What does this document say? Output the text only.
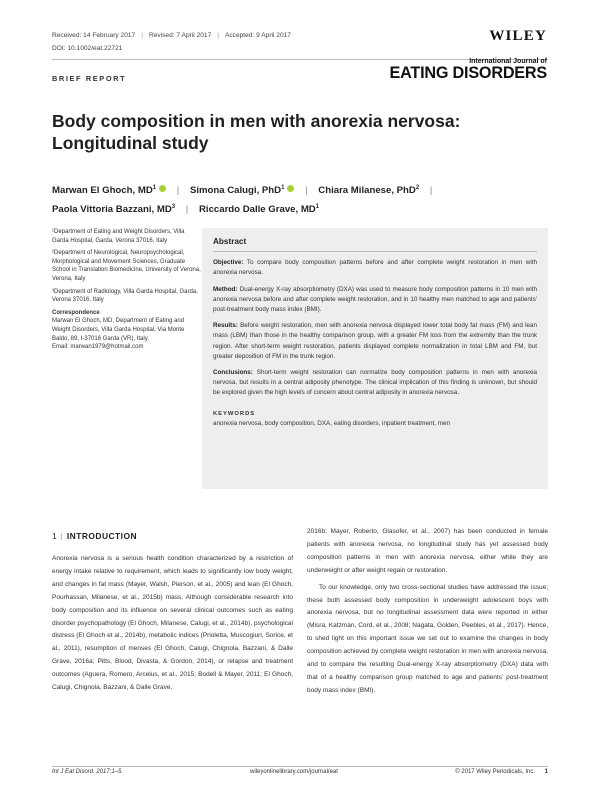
Received: 14 February 2017 | Revised: 7 April 2017 | Accepted: 9 April 2017
DOI: 10.1002/eat.22721
WILEY
BRIEF REPORT
International Journal of
EATING DISORDERS
Body composition in men with anorexia nervosa: Longitudinal study
Marwan El Ghoch, $MD^1$ | Simona Calugi, PhD$^1$ | Chiara Milanese, PhD$^2$ |
Paola Vittoria Bazzani, $MD^3$ | Riccardo Dalle Grave, $MD^1$

¹Department of Eating and Weight Disorders, Villa Garda Hospital, Garda, Verona 37016, Italy

²Department of Neurological, Neuropsychological, Morphological and Movement Sciences, Graduate School in Translation Biomedicine, University of Verona, Verona, Italy

³Department of Radiology, Villa Garda Hospital, Garda, Verona 37016, Italy

Correspondence

Marwan El Ghoch, MD, Department of Eating and Weight Disorders, Villa Garda Hospital, Via Monte Baldo, 89, I-37016 Garda (VR), Italy.

Email: marwan1979@hotmail.com

Abstract

Objective: To compare body composition patterns before and after complete weight restoration in men with anorexia nervosa.

Method: Dual-energy X-ray absorptiometry (DXA) was used to measure body composition patterns in 10 men with anorexia nervosa before and after complete weight restoration, and in 10 healthy men matched to age and patients' post-treatment body mass index (BMI).

Results: Before weight restoration, men with anorexia nervosa displayed lower total body fat mass (FM) and lean mass (LBM) than those in the healthy comparison group, with a greater FM loss from the extremity than the trunk region. After short-term weight restoration, patients displayed complete normalization in total LBM and FM, but greater deposition of FM in the trunk region.

Conclusions: Short-term weight restoration can normalize body composition patterns in men with anorexia nervosa, but results in a central adiposity phenotype. The clinical implication of this finding is unknown, but should be explored given the high levels of concern about central adiposity in anorexia nervosa.

KEYWORDS
anorexia nervosa, body composition, DXA, eating disorders, inpatient treatment, men
1 | INTRODUCTION

Anorexia nervosa is a serious health condition characterized by a restriction of energy intake relative to requirement, which leads to significantly low body weight, and changes in fat mass (Mayer, Walsh, Pierson, et al., 2005) and lean (El Ghoch, Pourhassan, Milanese, et al., 2015b) mass. Although considerable research into body composition and its influence on several clinical outcomes such as eating disorder psychopathology (El Ghoch, Milanese, Calugi, et al., 2014b), psychological distress (El Ghoch et al., 2014b), metabolic indices (Prioletta, Muscogiuri, Sorice, et al., 2011), resumption of menses (El Ghoch, Calugi, Chignola, Bazzani, & Dalle Grave, 2016a; Pitts, Blood, Divasta, & Gordon, 2014), or relapse and treatment outcomes (Aguera, Romero, Arcelus, et al., 2015; Bodell & Mayer, 2011; El Ghoch, Calugi, Chignola, Bazzani, & Dalle Grave,

2016b; Mayer, Roberto, Glasofer, et al., 2007) has been conducted in female patients with anorexia nervosa, no longitudinal study has yet assessed body composition patterns in men with anorexia nervosa, either while they are underweight or after weight regain or restoration.

To our knowledge, only two cross-sectional studies have addressed the issue; these both assessed body composition in underweight adolescent boys with anorexia nervosa, but no longitudinal assessment data were reported in either (Misra, Katzman, Cord, et al., 2008; Nagata, Golden, Peebles, et al., 2017). Hence, to shed light on this important issue we set out to examine the changes in body composition achieved by complete weight restoration in men with anorexia nervosa, and to compare the resulting Dual-energy X-ray absorptiometry (DXA) data with that of a healthy comparison group matched to age and patients' post-treatment body mass index (BMI).

Int J Eat Disord. 2017;1–5.	wileyonlinelibrary.com/journal/eat	© 2017 Wiley Periodicals, Inc. 1
